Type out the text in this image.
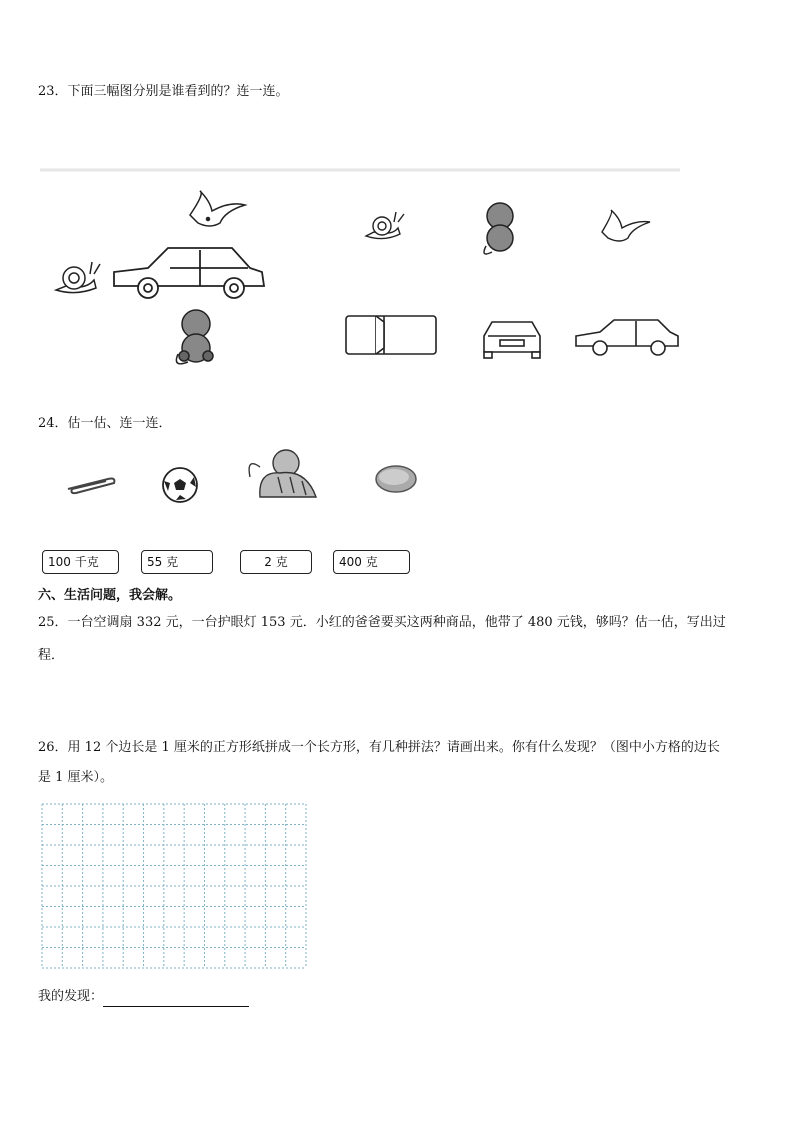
23．下面三幅图分别是谁看到的？连一连。
24．估一估、连一连．
100 千克	55 克	2 克	400 克
六、生活问题，我会解。
25．一台空调扇 332 元，一台护眼灯 153 元．小红的爸爸要买这两种商品，他带了 480 元钱，够吗？估一估，写出过
程．
26．用 12 个边长是 1 厘米的正方形纸拼成一个长方形，有几种拼法？请画出来。你有什么发现？（图中小方格的边长
是 1 厘米）。
我的发现：
